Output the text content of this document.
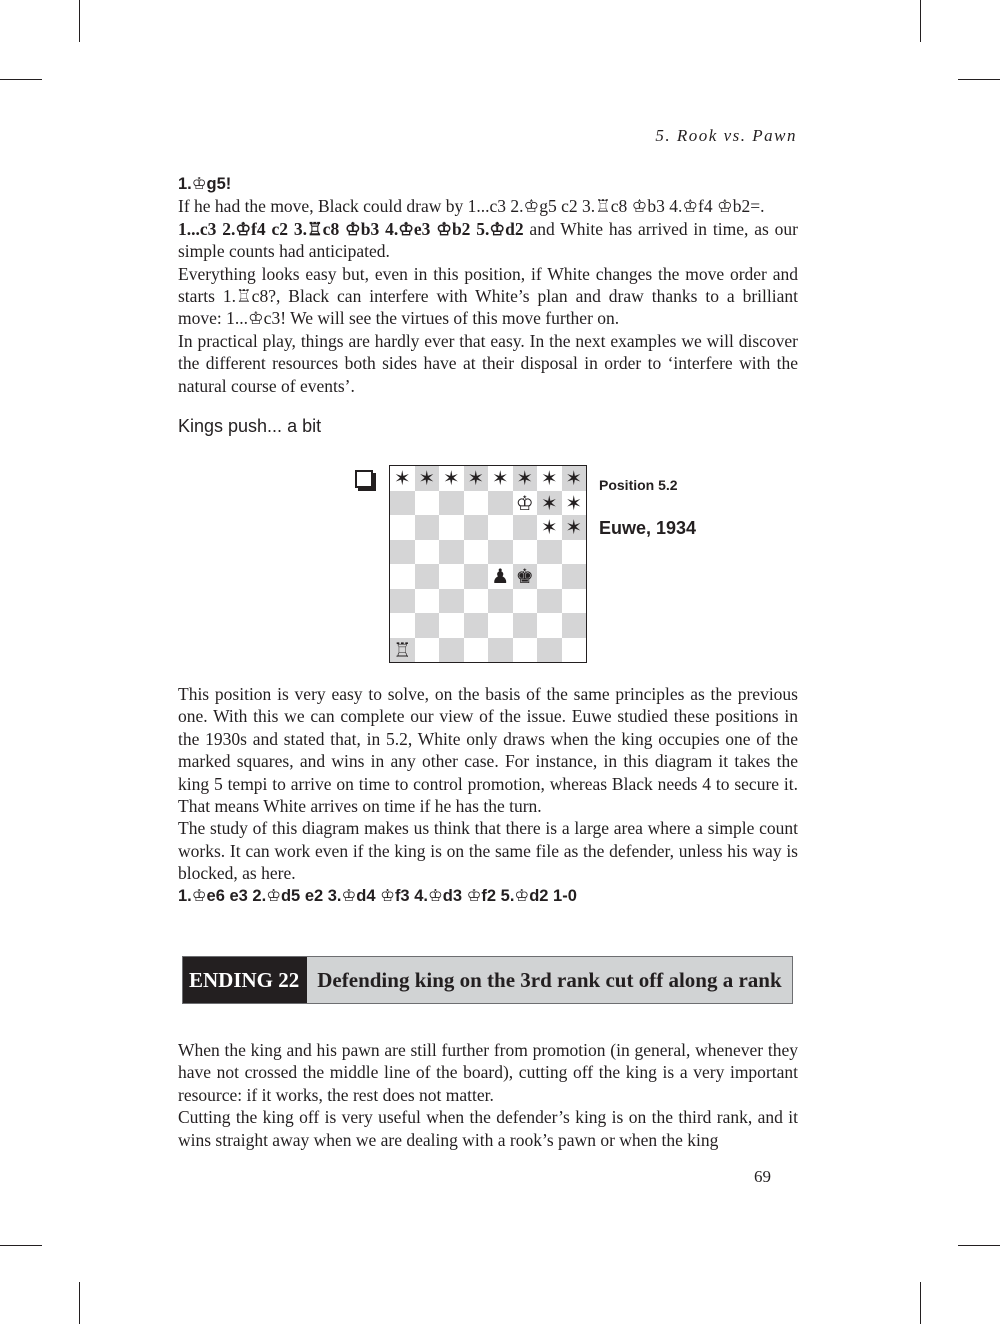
5. Rook vs. Pawn

1.♔g5!

If he had the move, Black could draw by 1...c3 2.♔g5 c2 3.♖c8 ♔b3 4.♔f4 ♔b2=.

1...c3 2.♔f4 c2 3.♖c8 ♔b3 4.♔e3 ♔b2 5.♔d2 and White has arrived in time, as our simple counts had anticipated.

Everything looks easy but, even in this position, if White changes the move order and starts 1.♖c8?, Black can interfere with White’s plan and draw thanks to a brilliant move: 1...♔c3! We will see the virtues of this move further on.

In practical play, things are hardly ever that easy. In the next examples we will discover the different resources both sides have at their disposal in order to ‘interfere with the natural course of events’.

Kings push... a bit
✶ ✶ ✶ ✶ ✶ ✶ ✶ ✶
♔ ✶ ✶
✶ ✶
♟ ♚
♖
Position 5.2
Euwe, 1934

This position is very easy to solve, on the basis of the same principles as the previous one. With this we can complete our view of the issue. Euwe studied these positions in the 1930s and stated that, in 5.2, White only draws when the king occupies one of the marked squares, and wins in any other case. For instance, in this diagram it takes the king 5 tempi to arrive on time to control promotion, whereas Black needs 4 to secure it. That means White arrives on time if he has the turn.

The study of this diagram makes us think that there is a large area where a simple count works. It can work even if the king is on the same file as the defender, unless his way is blocked, as here.

1.♔e6 e3 2.♔d5 e2 3.♔d4 ♔f3 4.♔d3 ♔f2 5.♔d2 1-0

ENDING 22 Defending king on the 3rd rank cut off along a rank

When the king and his pawn are still further from promotion (in general, whenever they have not crossed the middle line of the board), cutting off the king is a very important resource: if it works, the rest does not matter.

Cutting the king off is very useful when the defender’s king is on the third rank, and it wins straight away when we are dealing with a rook’s pawn or when the king

69
